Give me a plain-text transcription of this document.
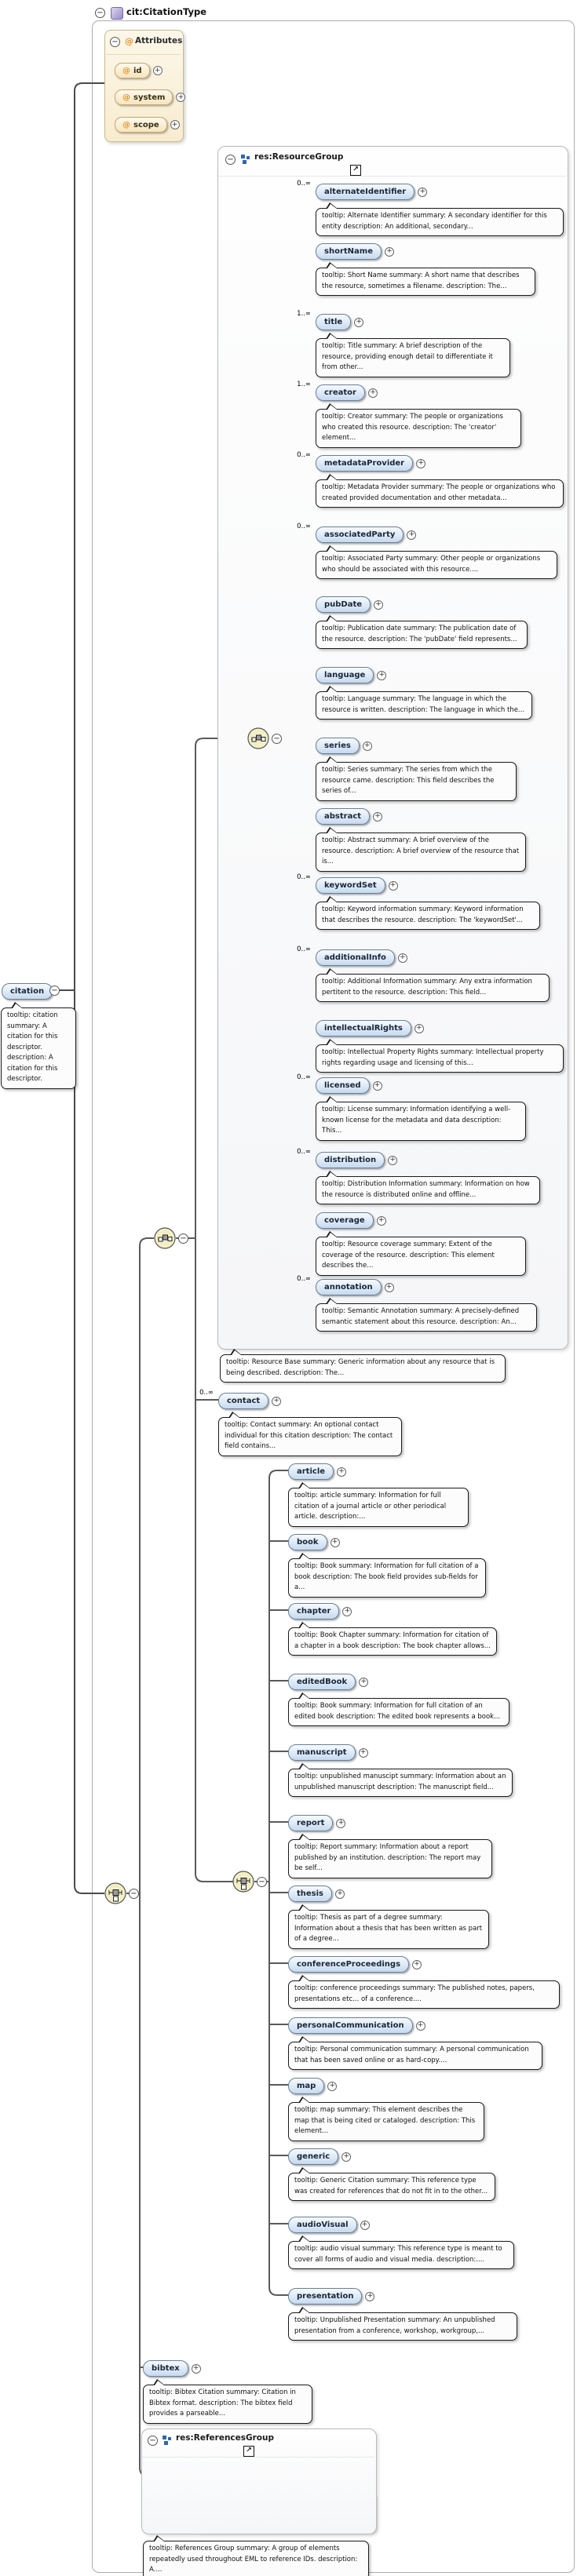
−	cit:CitationType
− @ Attributes
@ id +
@ system +
@ scope +
citation −
tooltip: citation summary: A citation for this descriptor. description: A citation for this descriptor.
−	res:ResourceGroup
↗
tooltip: Resource Base summary: Generic information about any resource that is being described. description: The...
−
−
−
−
0..∞
alternateIdentifier	+
tooltip: Alternate Identifier summary: A secondary identifier for this entity description: An additional, secondary...
shortName	+
tooltip: Short Name summary: A short name that describes the resource, sometimes a filename. description: The...
1..∞
title	+
tooltip: Title summary: A brief description of the resource, providing enough detail to differentiate it from other...
1..∞
creator	+
tooltip: Creator summary: The people or organizations who created this resource. description: The 'creator' element...
0..∞
metadataProvider	+
tooltip: Metadata Provider summary: The people or organizations who created provided documentation and other metadata...
0..∞
associatedParty	+
tooltip: Associated Party summary: Other people or organizations who should be associated with this resource....
pubDate	+
tooltip: Publication date summary: The publication date of the resource. description: The 'pubDate' field represents...
language	+
tooltip: Language summary: The language in which the resource is written. description: The language in which the...
series	+
tooltip: Series summary: The series from which the resource came. description: This field describes the series of...
abstract	+
tooltip: Abstract summary: A brief overview of the resource. description: A brief overview of the resource that is...
0..∞
keywordSet	+
tooltip: Keyword information summary: Keyword information that describes the resource. description: The 'keywordSet'...
0..∞
additionalInfo	+
tooltip: Additional Information summary: Any extra information pertitent to the resource. description: This field...
intellectualRights	+
tooltip: Intellectual Property Rights summary: Intellectual property rights regarding usage and licensing of this...
0..∞
licensed	+
tooltip: License summary: Information identifying a well-known license for the metadata and data description: This...
0..∞
distribution	+
tooltip: Distribution Information summary: Information on how the resource is distributed online and offline...
coverage	+
tooltip: Resource coverage summary: Extent of the coverage of the resource. description: This element describes the...
0..∞
annotation	+
tooltip: Semantic Annotation summary: A precisely-defined semantic statement about this resource. description: An...
0..∞
contact	+
tooltip: Contact summary: An optional contact individual for this citation description: The contact field contains...
article	+
tooltip: article summary: Information for full citation of a journal article or other periodical article. description:...
book	+
tooltip: Book summary: Information for full citation of a book description: The book field provides sub-fields for a...
chapter	+
tooltip: Book Chapter summary: Information for citation of a chapter in a book description: The book chapter allows...
editedBook	+
tooltip: Book summary: Information for full citation of an edited book description: The edited book represents a book...
manuscript	+
tooltip: unpublished manuscipt summary: Information about an unpublished manuscript description: The manuscript field...
report	+
tooltip: Report summary: Information about a report published by an institution. description: The report may be self...
thesis	+
tooltip: Thesis as part of a degree summary: Information about a thesis that has been written as part of a degree...
conferenceProceedings	+
tooltip: conference proceedings summary: The published notes, papers, presentations etc... of a conference....
personalCommunication	+
tooltip: Personal communication summary: A personal communication that has been saved online or as hard-copy....
map	+
tooltip: map summary: This element describes the map that is being cited or cataloged. description: This element...
generic	+
tooltip: Generic Citation summary: This reference type was created for references that do not fit in to the other...
audioVisual	+
tooltip: audio visual summary: This reference type is meant to cover all forms of audio and visual media. description:....
presentation	+
tooltip: Unpublished Presentation summary: An unpublished presentation from a conference, workshop, workgroup,...
bibtex	+
tooltip: Bibtex Citation summary: Citation in Bibtex format. description: The bibtex field provides a parseable...
− res:ReferencesGroup
↗
tooltip: References Group summary: A group of elements repeatedly used throughout EML to reference IDs. description: A....
